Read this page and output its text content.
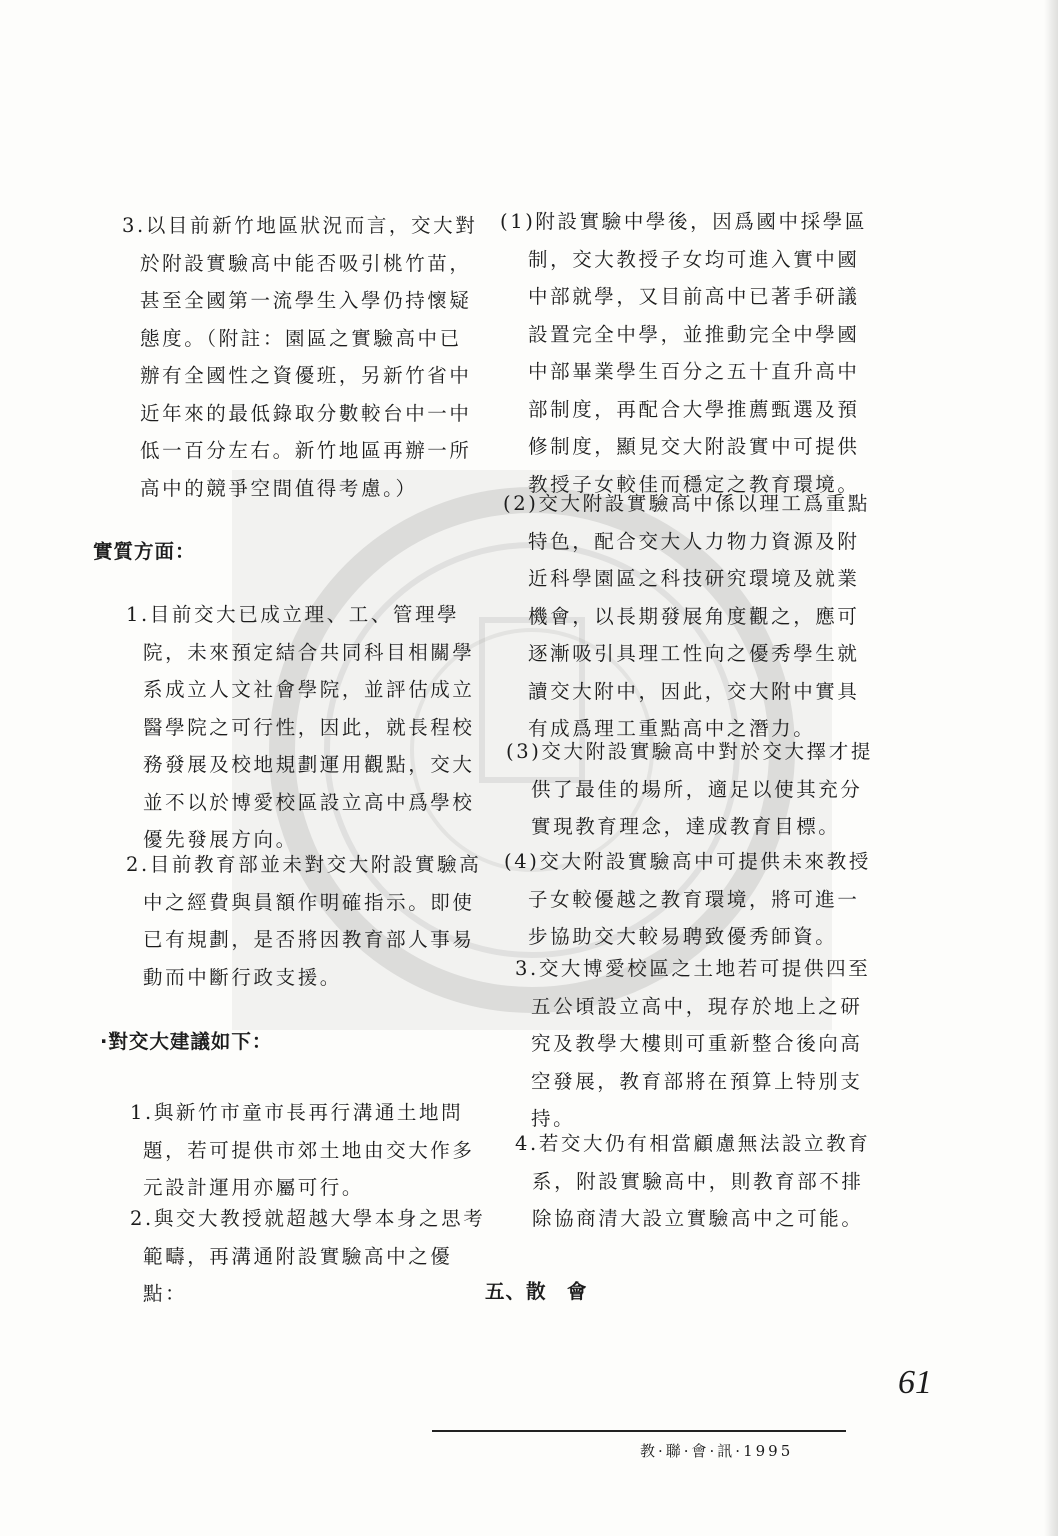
3.以目前新竹地區狀況而言，交大對
於附設實驗高中能否吸引桃竹苗，
甚至全國第一流學生入學仍持懷疑
態度。（附註：園區之實驗高中已
辦有全國性之資優班，另新竹省中
近年來的最低錄取分數較台中一中
低一百分左右。新竹地區再辦一所
高中的競爭空間值得考慮。）
實質方面：
1.目前交大已成立理、工、管理學
院，未來預定結合共同科目相關學
系成立人文社會學院，並評估成立
醫學院之可行性，因此，就長程校
務發展及校地規劃運用觀點，交大
並不以於博愛校區設立高中爲學校
優先發展方向。
2.目前教育部並未對交大附設實驗高
中之經費與員額作明確指示。即使
已有規劃，是否將因教育部人事易
動而中斷行政支援。
·對交大建議如下：
1.與新竹市童市長再行溝通土地問
題，若可提供市郊土地由交大作多
元設計運用亦屬可行。
2.與交大教授就超越大學本身之思考
範疇，再溝通附設實驗高中之優
點：
(1)附設實驗中學後，因爲國中採學區
制，交大教授子女均可進入實中國
中部就學，又目前高中已著手研議
設置完全中學，並推動完全中學國
中部畢業學生百分之五十直升高中
部制度，再配合大學推薦甄選及預
修制度，顯見交大附設實中可提供
教授子女較佳而穩定之教育環境。
(2)交大附設實驗高中係以理工爲重點
特色，配合交大人力物力資源及附
近科學園區之科技研究環境及就業
機會，以長期發展角度觀之，應可
逐漸吸引具理工性向之優秀學生就
讀交大附中，因此，交大附中實具
有成爲理工重點高中之潛力。
(3)交大附設實驗高中對於交大擇才提
供了最佳的場所，適足以使其充分
實現教育理念，達成教育目標。
(4)交大附設實驗高中可提供未來教授
子女較優越之教育環境，將可進一
步協助交大較易聘致優秀師資。
3.交大博愛校區之土地若可提供四至
五公頃設立高中，現存於地上之研
究及教學大樓則可重新整合後向高
空發展，教育部將在預算上特別支
持。
4.若交大仍有相當顧慮無法設立教育
系，附設實驗高中，則教育部不排
除協商清大設立實驗高中之可能。
五、散　會
61
教·聯·會·訊·1995
